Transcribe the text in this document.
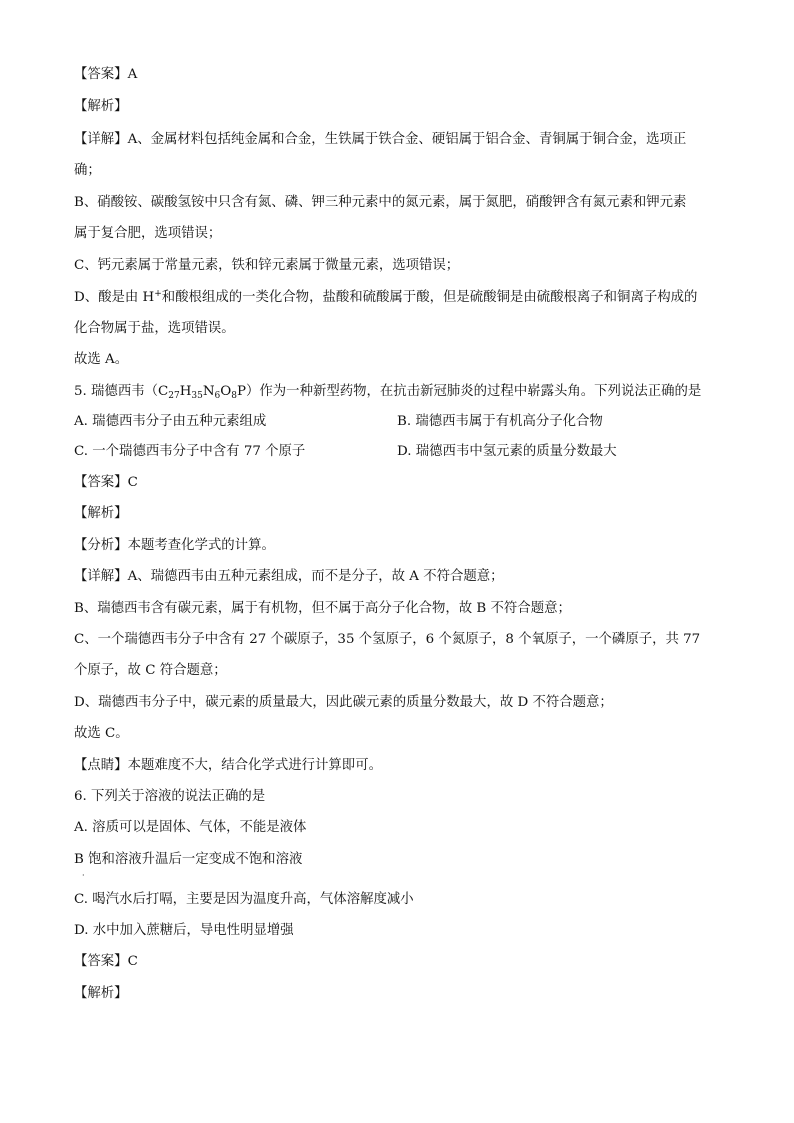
【答案】A
【解析】
【详解】A、金属材料包括纯金属和合金，生铁属于铁合金、硬铝属于铝合金、青铜属于铜合金，选项正
确；
B、硝酸铵、碳酸氢铵中只含有氮、磷、钾三种元素中的氮元素，属于氮肥，硝酸钾含有氮元素和钾元素
属于复合肥，选项错误；
C、钙元素属于常量元素，铁和锌元素属于微量元素，选项错误；
D、酸是由 H+和酸根组成的一类化合物，盐酸和硫酸属于酸，但是硫酸铜是由硫酸根离子和铜离子构成的
化合物属于盐，选项错误。
故选 A。
5. 瑞德西韦$(C_{27}H_{35}N_6O_8P)$作为一种新型药物，在抗击新冠肺炎的过程中崭露头角。下列说法正确的是
A. 瑞德西韦分子由五种元素组成	B. 瑞德西韦属于有机高分子化合物
C. 一个瑞德西韦分子中含有 77 个原子	D. 瑞德西韦中氢元素的质量分数最大
【答案】C
【解析】
【分析】本题考查化学式的计算。
【详解】A、瑞德西韦由五种元素组成，而不是分子，故 A 不符合题意；
B、瑞德西韦含有碳元素，属于有机物，但不属于高分子化合物，故 B 不符合题意；
C、一个瑞德西韦分子中含有 27 个碳原子，35 个氢原子，6 个氮原子，8 个氧原子，一个磷原子，共 77
个原子，故 C 符合题意；
D、瑞德西韦分子中，碳元素的质量最大，因此碳元素的质量分数最大，故 D 不符合题意；
故选 C。
【点睛】本题难度不大，结合化学式进行计算即可。
6. 下列关于溶液的说法正确的是
A. 溶质可以是固体、气体，不能是液体
B 饱和溶液升温后一定变成不饱和溶液
·
C. 喝汽水后打嗝，主要是因为温度升高，气体溶解度减小
D. 水中加入蔗糖后，导电性明显增强
【答案】C
【解析】
